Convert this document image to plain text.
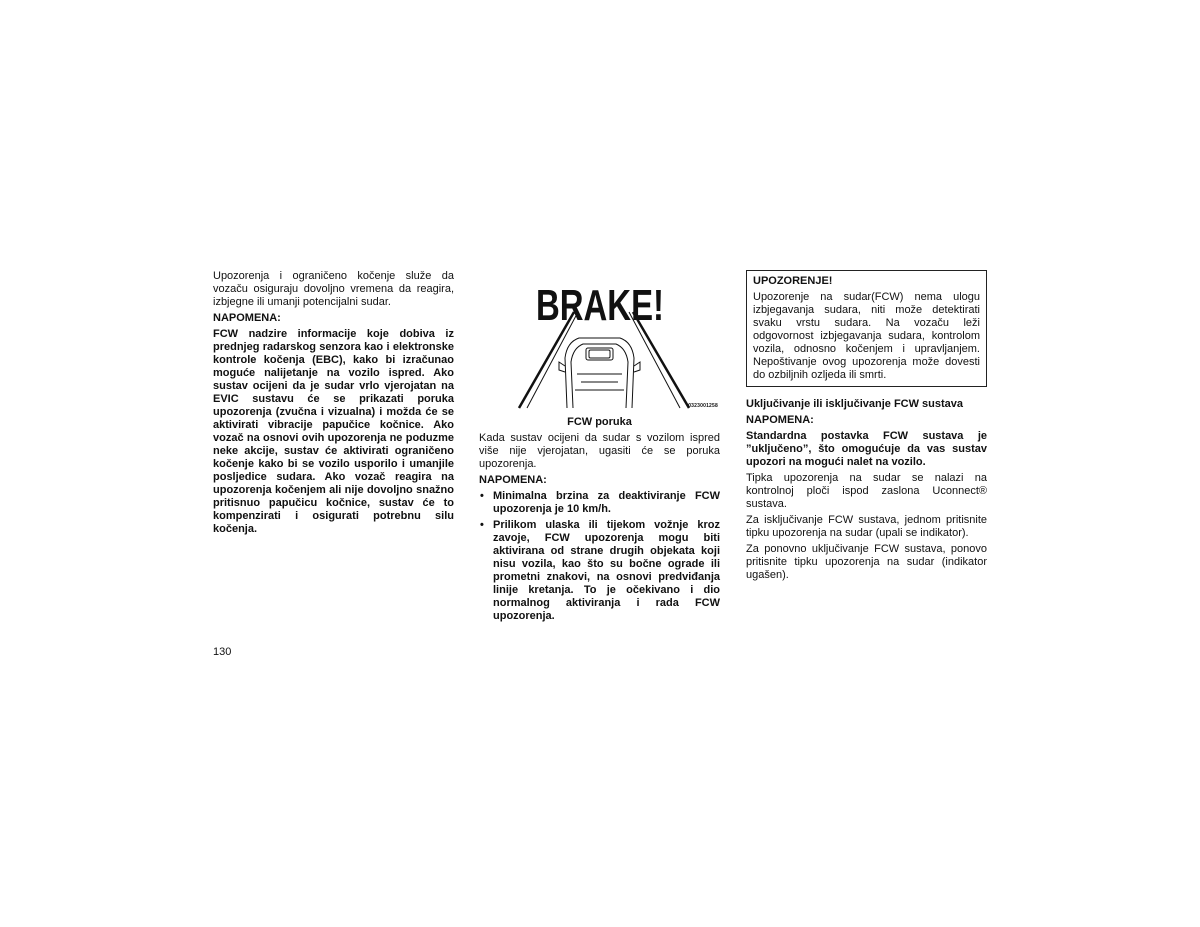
Upozorenja i ograničeno kočenje služe da vozaču osiguraju dovoljno vremena da reagira, izbjegne ili umanji potencijalni sudar.

NAPOMENA:

FCW nadzire informacije koje dobiva iz prednjeg radarskog senzora kao i elektronske kontrole kočenja (EBC), kako bi izračunao moguće nalijetanje na vozilo ispred. Ako sustav ocijeni da je sudar vrlo vjerojatan na EVIC sustavu će se prikazati poruka upozorenja (zvučna i vizualna) i možda će se aktivirati vibracije papučice kočnice. Ako vozač na osnovi ovih upozorenja ne poduzme neke akcije, sustav će aktivirati ograničeno kočenje kako bi se vozilo usporilo i umanjile posljedice sudara. Ako vozač reagira na upozorenja kočenjem ali nije dovoljno snažno pritisnuo papučicu kočnice, sustav će to kompenzirati i osigurati potrebnu silu kočenja.

BRAKE!
0323001258

FCW poruka

Kada sustav ocijeni da sudar s vozilom ispred više nije vjerojatan, ugasiti će se poruka upozorenja.

NAPOMENA:

• Minimalna brzina za deaktiviranje FCW upozorenja je 10 km/h.
• Prilikom ulaska ili tijekom vožnje kroz zavoje, FCW upozorenja mogu biti aktivirana od strane drugih objekata koji nisu vozila, kao što su bočne ograde ili prometni znakovi, na osnovi predviđanja linije kretanja. To je očekivano i dio normalnog aktiviranja i rada FCW upozorenja.
UPOZORENJE!
Upozorenje na sudar(FCW) nema ulogu izbjegavanja sudara, niti može detektirati svaku vrstu sudara. Na vozaču leži odgovornost izbjegavanja sudara, kontrolom vozila, odnosno kočenjem i upravljanjem. Nepoštivanje ovog upozorenja može dovesti do ozbiljnih ozljeda ili smrti.

Uključivanje ili isključivanje FCW sustava

NAPOMENA:

Standardna postavka FCW sustava je ”uključeno”, što omogućuje da vas sustav upozori na mogući nalet na vozilo.

Tipka upozorenja na sudar se nalazi na kontrolnoj ploči ispod zaslona Uconnect® sustava.

Za isključivanje FCW sustava, jednom pritisnite tipku upozorenja na sudar (upali se indikator).

Za ponovno uključivanje FCW sustava, ponovo pritisnite tipku upozorenja na sudar (indikator ugašen).

130
